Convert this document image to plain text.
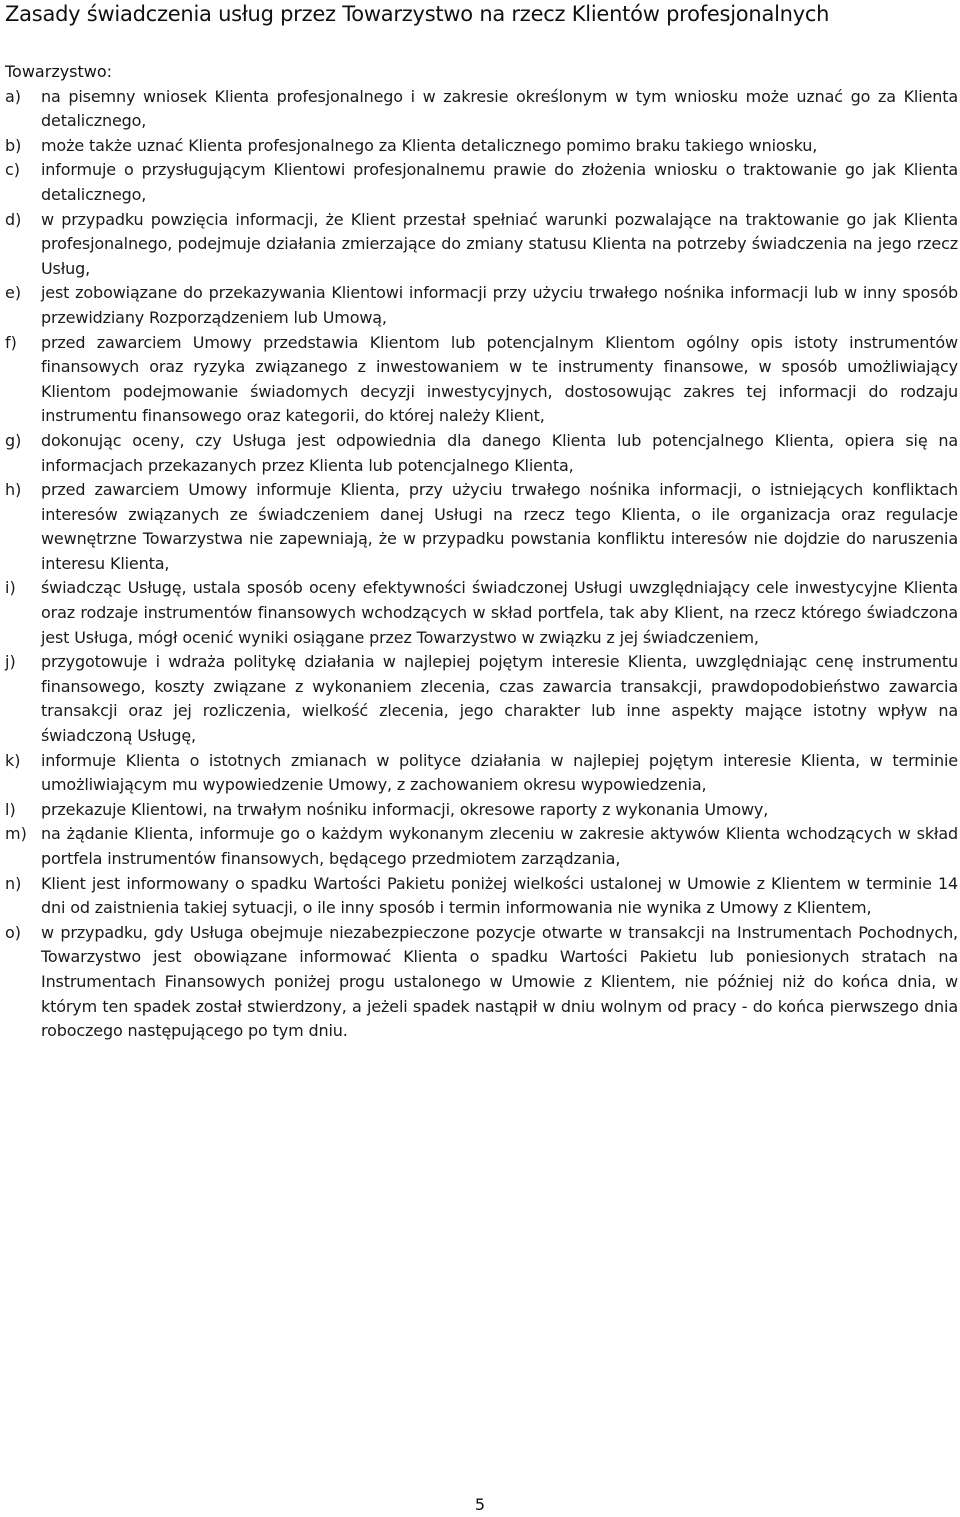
Zasady świadczenia usług przez Towarzystwo na rzecz Klientów profesjonalnych

Towarzystwo:

a)	na pisemny wniosek Klienta profesjonalnego i w zakresie określonym w tym wniosku może uznać go za Klienta detalicznego,
b)	może także uznać Klienta profesjonalnego za Klienta detalicznego pomimo braku takiego wniosku,
c)	informuje o przysługującym Klientowi profesjonalnemu prawie do złożenia wniosku o traktowanie go jak Klienta detalicznego,
d)	w przypadku powzięcia informacji, że Klient przestał spełniać warunki pozwalające na traktowanie go jak Klienta profesjonalnego, podejmuje działania zmierzające do zmiany statusu Klienta na potrzeby świadczenia na jego rzecz Usług,
e)	jest zobowiązane do przekazywania Klientowi informacji przy użyciu trwałego nośnika informacji lub w inny sposób przewidziany Rozporządzeniem lub Umową,
f)	przed zawarciem Umowy przedstawia Klientom lub potencjalnym Klientom ogólny opis istoty instrumentów finansowych oraz ryzyka związanego z inwestowaniem w te instrumenty finansowe, w sposób umożliwiający Klientom podejmowanie świadomych decyzji inwestycyjnych, dostosowując zakres tej informacji do rodzaju instrumentu finansowego oraz kategorii, do której należy Klient,
g)	dokonując oceny, czy Usługa jest odpowiednia dla danego Klienta lub potencjalnego Klienta, opiera się na informacjach przekazanych przez Klienta lub potencjalnego Klienta,
h)	przed zawarciem Umowy informuje Klienta, przy użyciu trwałego nośnika informacji, o istniejących konfliktach interesów związanych ze świadczeniem danej Usługi na rzecz tego Klienta, o ile organizacja oraz regulacje wewnętrzne Towarzystwa nie zapewniają, że w przypadku powstania konfliktu interesów nie dojdzie do naruszenia interesu Klienta,
i)	świadcząc Usługę, ustala sposób oceny efektywności świadczonej Usługi uwzględniający cele inwestycyjne Klienta oraz rodzaje instrumentów finansowych wchodzących w skład portfela, tak aby Klient, na rzecz którego świadczona jest Usługa, mógł ocenić wyniki osiągane przez Towarzystwo w związku z jej świadczeniem,
j)	przygotowuje i wdraża politykę działania w najlepiej pojętym interesie Klienta, uwzględniając cenę instrumentu finansowego, koszty związane z wykonaniem zlecenia, czas zawarcia transakcji, prawdopodobieństwo zawarcia transakcji oraz jej rozliczenia, wielkość zlecenia, jego charakter lub inne aspekty mające istotny wpływ na świadczoną Usługę,
k)	informuje Klienta o istotnych zmianach w polityce działania w najlepiej pojętym interesie Klienta, w terminie umożliwiającym mu wypowiedzenie Umowy, z zachowaniem okresu wypowiedzenia,
l)	przekazuje Klientowi, na trwałym nośniku informacji, okresowe raporty z wykonania Umowy,
m) na żądanie Klienta, informuje go o każdym wykonanym zleceniu w zakresie aktywów Klienta wchodzących w skład portfela instrumentów finansowych, będącego przedmiotem zarządzania,
n)	Klient jest informowany o spadku Wartości Pakietu poniżej wielkości ustalonej w Umowie z Klientem w terminie 14 dni od zaistnienia takiej sytuacji, o ile inny sposób i termin informowania nie wynika z Umowy z Klientem,
o)	w przypadku, gdy Usługa obejmuje niezabezpieczone pozycje otwarte w transakcji na Instrumentach Pochodnych, Towarzystwo jest obowiązane informować Klienta o spadku Wartości Pakietu lub poniesionych stratach na Instrumentach Finansowych poniżej progu ustalonego w Umowie z Klientem, nie później niż do końca dnia, w którym ten spadek został stwierdzony, a jeżeli spadek nastąpił w dniu wolnym od pracy - do końca pierwszego dnia roboczego następującego po tym dniu.
5
